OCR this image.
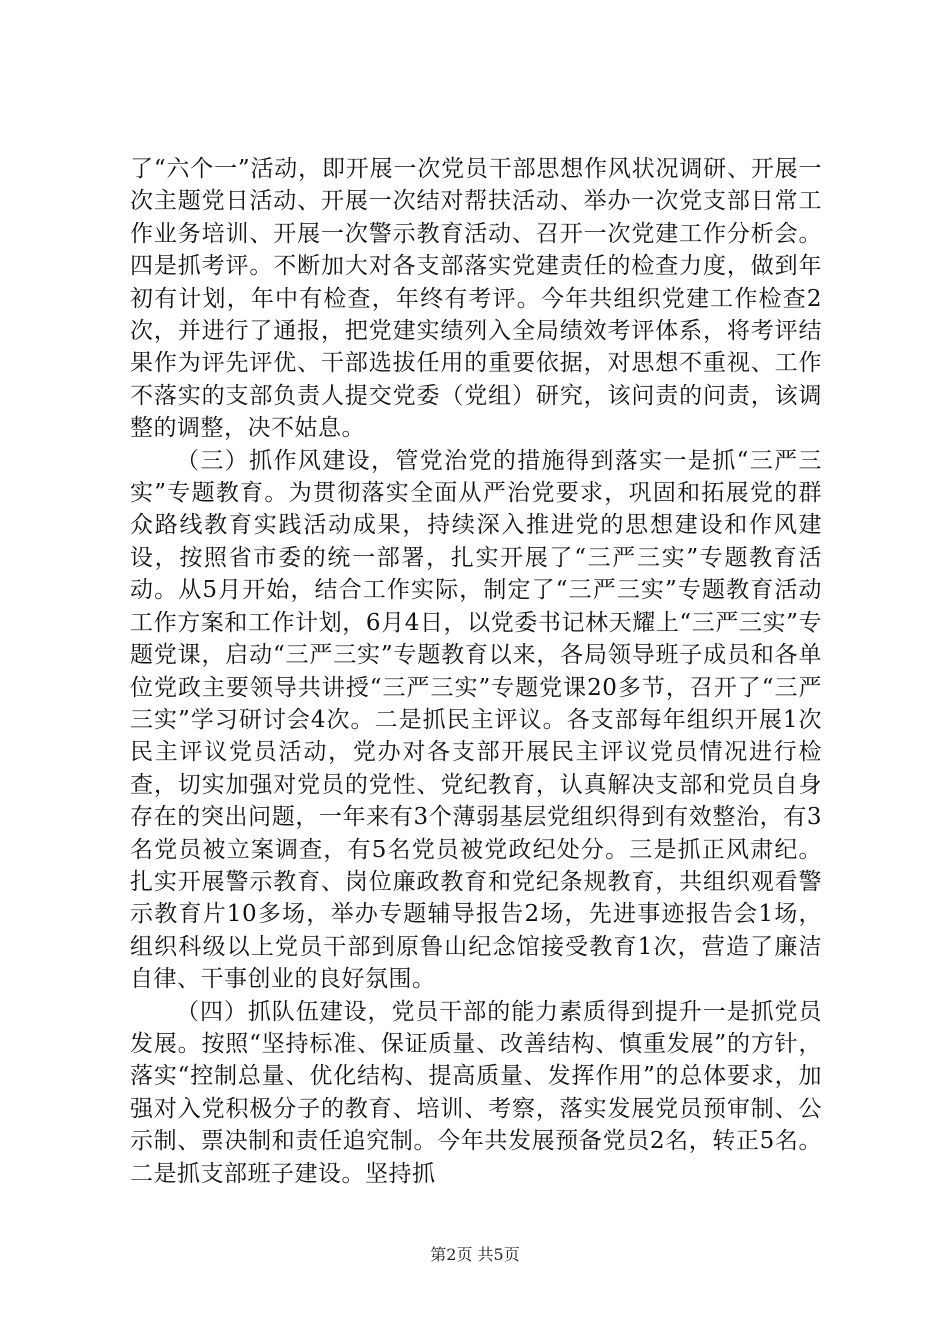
了“六个一”活动，即开展一次党员干部思想作风状况调研、开展一次主题党日活动、开展一次结对帮扶活动、举办一次党支部日常工作业务培训、开展一次警示教育活动、召开一次党建工作分析会。四是抓考评。不断加大对各支部落实党建责任的检查力度，做到年初有计划，年中有检查，年终有考评。今年共组织党建工作检查2次，并进行了通报，把党建实绩列入全局绩效考评体系，将考评结果作为评先评优、干部选拔任用的重要依据，对思想不重视、工作不落实的支部负责人提交党委（党组）研究，该问责的问责，该调整的调整，决不姑息。

（三）抓作风建设，管党治党的措施得到落实一是抓“三严三实”专题教育。为贯彻落实全面从严治党要求，巩固和拓展党的群众路线教育实践活动成果，持续深入推进党的思想建设和作风建设，按照省市委的统一部署，扎实开展了“三严三实”专题教育活动。从5月开始，结合工作实际，制定了“三严三实”专题教育活动工作方案和工作计划，6月4日，以党委书记林天耀上“三严三实”专题党课，启动“三严三实”专题教育以来，各局领导班子成员和各单位党政主要领导共讲授“三严三实”专题党课20多节，召开了“三严三实”学习研讨会4次。二是抓民主评议。各支部每年组织开展1次民主评议党员活动，党办对各支部开展民主评议党员情况进行检查，切实加强对党员的党性、党纪教育，认真解决支部和党员自身存在的突出问题，一年来有3个薄弱基层党组织得到有效整治，有3名党员被立案调查，有5名党员被党政纪处分。三是抓正风肃纪。扎实开展警示教育、岗位廉政教育和党纪条规教育，共组织观看警示教育片10多场，举办专题辅导报告2场，先进事迹报告会1场，组织科级以上党员干部到原鲁山纪念馆接受教育1次，营造了廉洁自律、干事创业的良好氛围。

（四）抓队伍建设，党员干部的能力素质得到提升一是抓党员发展。按照“坚持标准、保证质量、改善结构、慎重发展”的方针，落实“控制总量、优化结构、提高质量、发挥作用”的总体要求，加强对入党积极分子的教育、培训、考察，落实发展党员预审制、公示制、票决制和责任追究制。今年共发展预备党员2名，转正5名。二是抓支部班子建设。坚持抓

第2页 共5页
